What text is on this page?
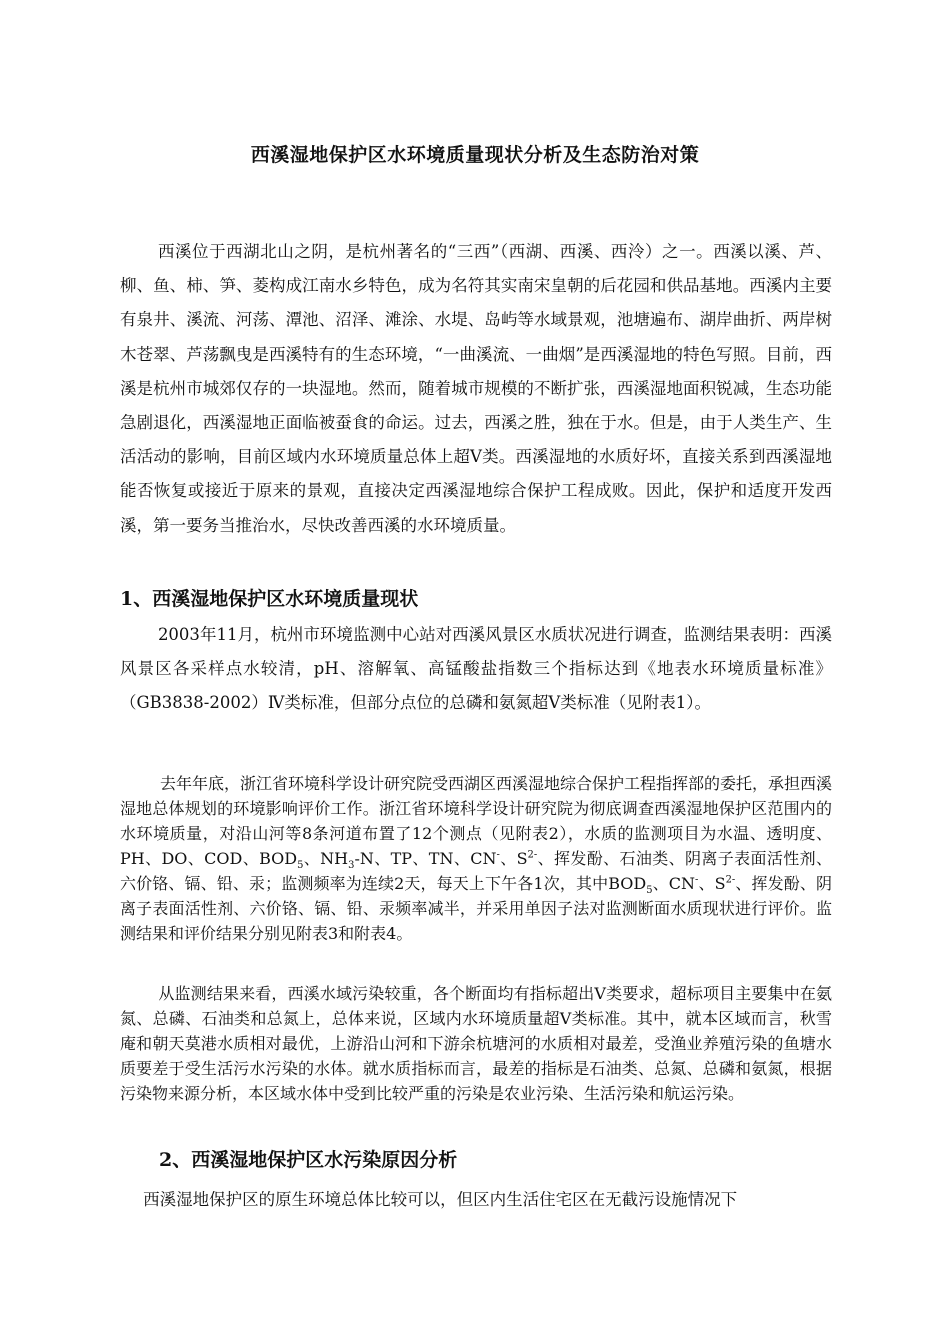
西溪湿地保护区水环境质量现状分析及生态防治对策

西溪位于西湖北山之阴，是杭州著名的“三西”（西湖、西溪、西泠）之一。西溪以溪、芦、柳、鱼、柿、笋、菱构成江南水乡特色，成为名符其实南宋皇朝的后花园和供品基地。西溪内主要有泉井、溪流、河荡、潭池、沼泽、滩涂、水堤、岛屿等水域景观，池塘遍布、湖岸曲折、两岸树木苍翠、芦荡飘曳是西溪特有的生态环境，“一曲溪流、一曲烟”是西溪湿地的特色写照。目前，西溪是杭州市城郊仅存的一块湿地。然而，随着城市规模的不断扩张，西溪湿地面积锐减，生态功能急剧退化，西溪湿地正面临被蚕食的命运。过去，西溪之胜，独在于水。但是，由于人类生产、生活活动的影响，目前区域内水环境质量总体上超Ⅴ类。西溪湿地的水质好坏，直接关系到西溪湿地能否恢复或接近于原来的景观，直接决定西溪湿地综合保护工程成败。因此，保护和适度开发西溪，第一要务当推治水，尽快改善西溪的水环境质量。

1、西溪湿地保护区水环境质量现状

2003年11月，杭州市环境监测中心站对西溪风景区水质状况进行调查，监测结果表明：西溪风景区各采样点水较清，pH、溶解氧、高锰酸盐指数三个指标达到《地表水环境质量标准》（GB3838-2002）Ⅳ类标准，但部分点位的总磷和氨氮超Ⅴ类标准（见附表1）。

去年年底，浙江省环境科学设计研究院受西湖区西溪湿地综合保护工程指挥部的委托，承担西溪湿地总体规划的环境影响评价工作。浙江省环境科学设计研究院为彻底调查西溪湿地保护区范围内的水环境质量，对沿山河等8条河道布置了12个测点（见附表2），水质的监测项目为水温、透明度、PH、DO、COD、$BOD_5$、$NH_3-N$、TP、TN、CN-、$S^{2-}$、挥发酚、石油类、阴离子表面活性剂、六价铬、镉、铅、汞；监测频率为连续2天，每天上下午各1次，其中$BOD_5$、CN-、$S^{2-}$、挥发酚、阴离子表面活性剂、六价铬、镉、铅、汞频率减半，并采用单因子法对监测断面水质现状进行评价。监测结果和评价结果分别见附表3和附表4。

从监测结果来看，西溪水域污染较重，各个断面均有指标超出Ⅴ类要求，超标项目主要集中在氨氮、总磷、石油类和总氮上，总体来说，区域内水环境质量超Ⅴ类标准。其中，就本区域而言，秋雪庵和朝天莫港水质相对最优，上游沿山河和下游余杭塘河的水质相对最差，受渔业养殖污染的鱼塘水质要差于受生活污水污染的水体。就水质指标而言，最差的指标是石油类、总氮、总磷和氨氮，根据污染物来源分析，本区域水体中受到比较严重的污染是农业污染、生活污染和航运污染。

2、西溪湿地保护区水污染原因分析

西溪湿地保护区的原生环境总体比较可以，但区内生活住宅区在无截污设施情况下
